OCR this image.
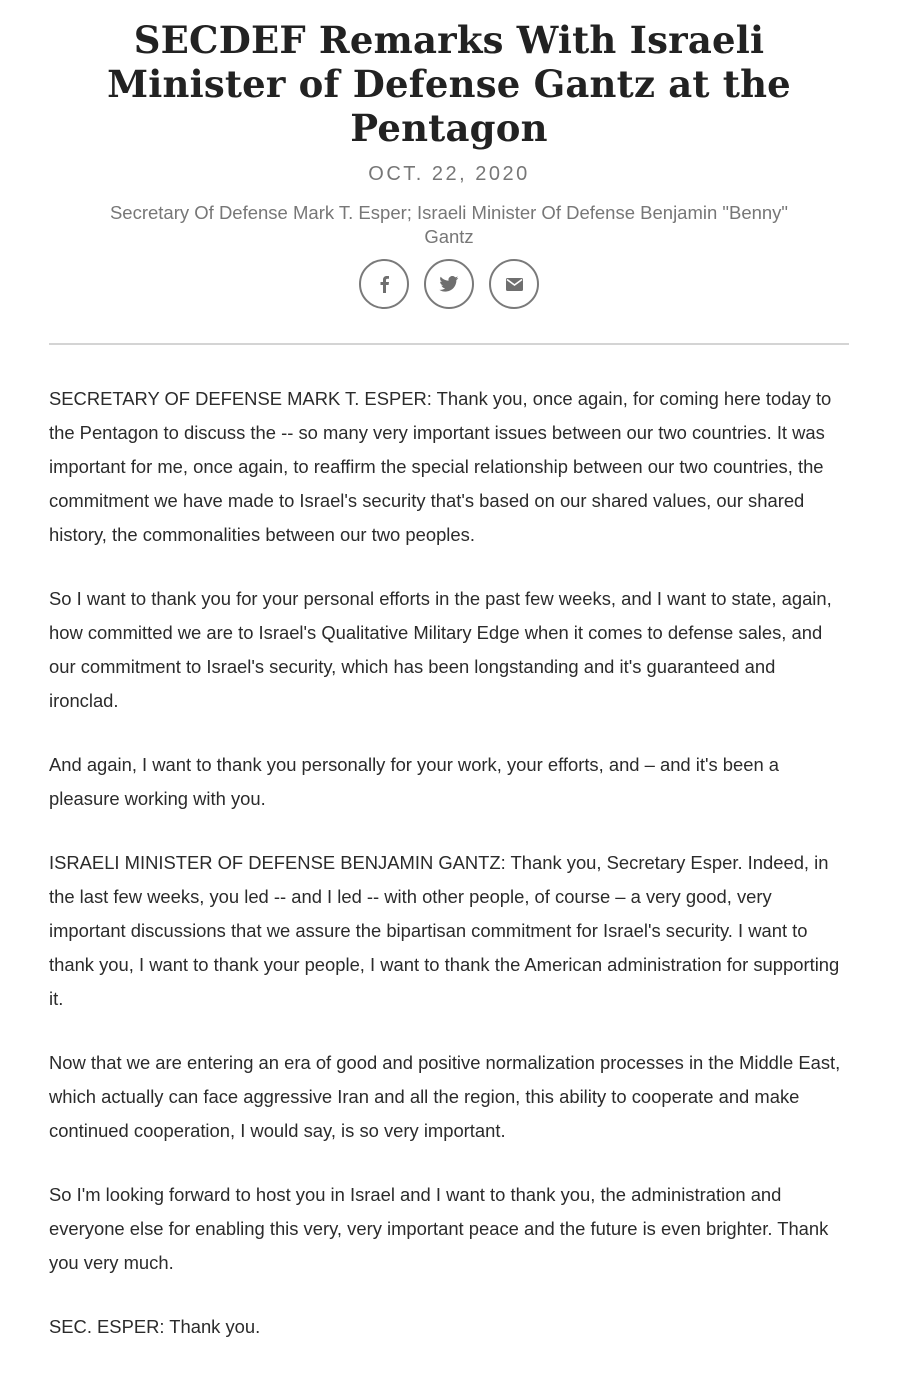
SECDEF Remarks With Israeli Minister of Defense Gantz at the Pentagon
OCT. 22, 2020
Secretary Of Defense Mark T. Esper; Israeli Minister Of Defense Benjamin "Benny" Gantz

SECRETARY OF DEFENSE MARK T. ESPER: Thank you, once again, for coming here today to the Pentagon to discuss the -- so many very important issues between our two countries. It was important for me, once again, to reaffirm the special relationship between our two countries, the commitment we have made to Israel's security that's based on our shared values, our shared history, the commonalities between our two peoples.

So I want to thank you for your personal efforts in the past few weeks, and I want to state, again, how committed we are to Israel's Qualitative Military Edge when it comes to defense sales, and our commitment to Israel's security, which has been longstanding and it's guaranteed and ironclad.

And again, I want to thank you personally for your work, your efforts, and – and it's been a pleasure working with you.

ISRAELI MINISTER OF DEFENSE BENJAMIN GANTZ: Thank you, Secretary Esper. Indeed, in the last few weeks, you led -- and I led -- with other people, of course – a very good, very important discussions that we assure the bipartisan commitment for Israel's security. I want to thank you, I want to thank your people, I want to thank the American administration for supporting it.

Now that we are entering an era of good and positive normalization processes in the Middle East, which actually can face aggressive Iran and all the region, this ability to cooperate and make continued cooperation, I would say, is so very important.

So I'm looking forward to host you in Israel and I want to thank you, the administration and everyone else for enabling this very, very important peace and the future is even brighter. Thank you very much.

SEC. ESPER: Thank you.
